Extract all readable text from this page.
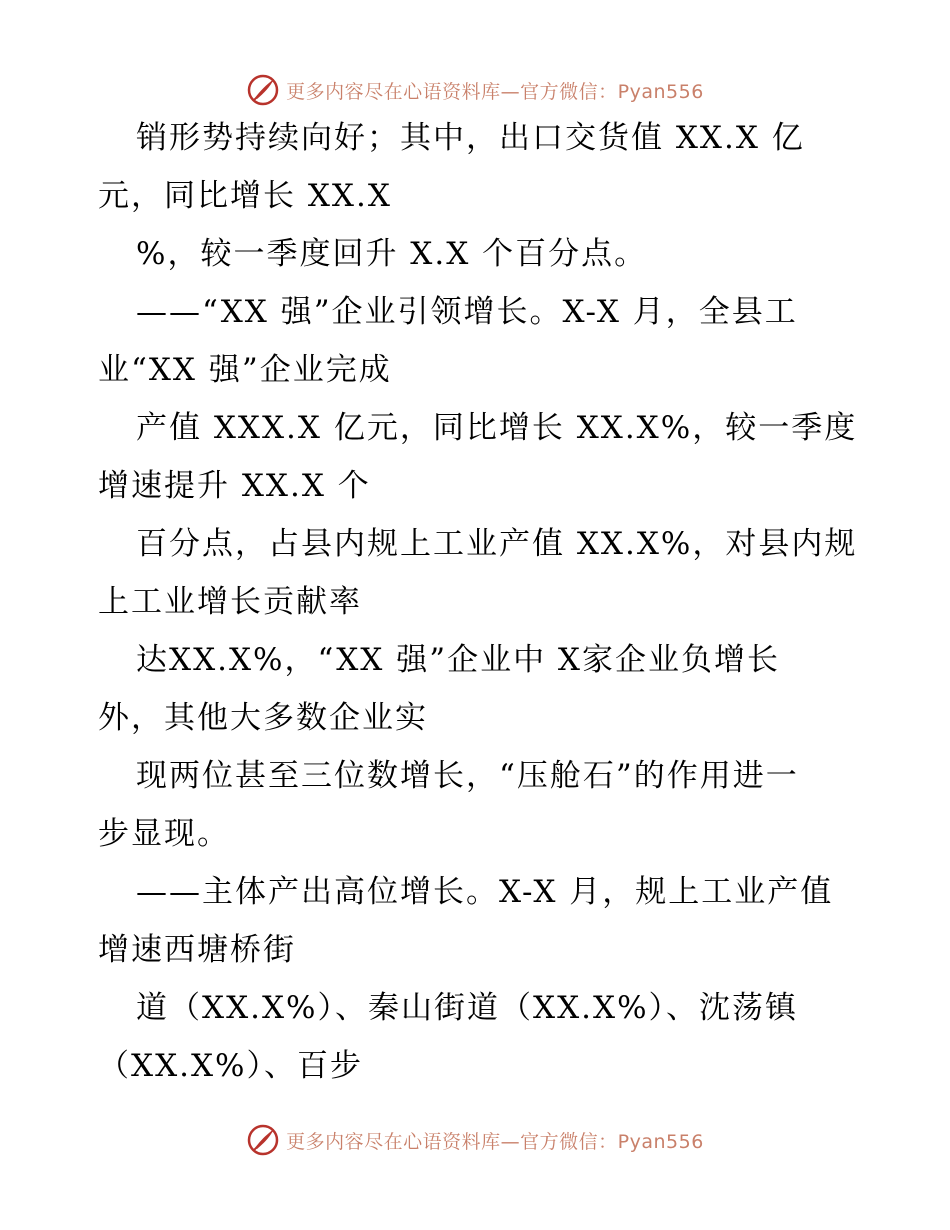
更多内容尽在心语资料库—官方微信：Pyan556
销形势持续向好；其中，出口交货值 XX.X 亿
元，同比增长 XX.X
%，较一季度回升 X.X 个百分点。
——“XX 强”企业引领增长。X-X 月，全县工
业“XX 强”企业完成
产值 XXX.X 亿元，同比增长 XX.X%，较一季度
增速提升 XX.X 个
百分点，占县内规上工业产值 XX.X%，对县内规
上工业增长贡献率
达XX.X%，“XX 强”企业中 X家企业负增长
外，其他大多数企业实
现两位甚至三位数增长，“压舱石”的作用进一
步显现。
——主体产出高位增长。X-X 月，规上工业产值
增速西塘桥街
道（XX.X%）、秦山街道（XX.X%）、沈荡镇
（XX.X%）、百步
更多内容尽在心语资料库—官方微信：Pyan556
